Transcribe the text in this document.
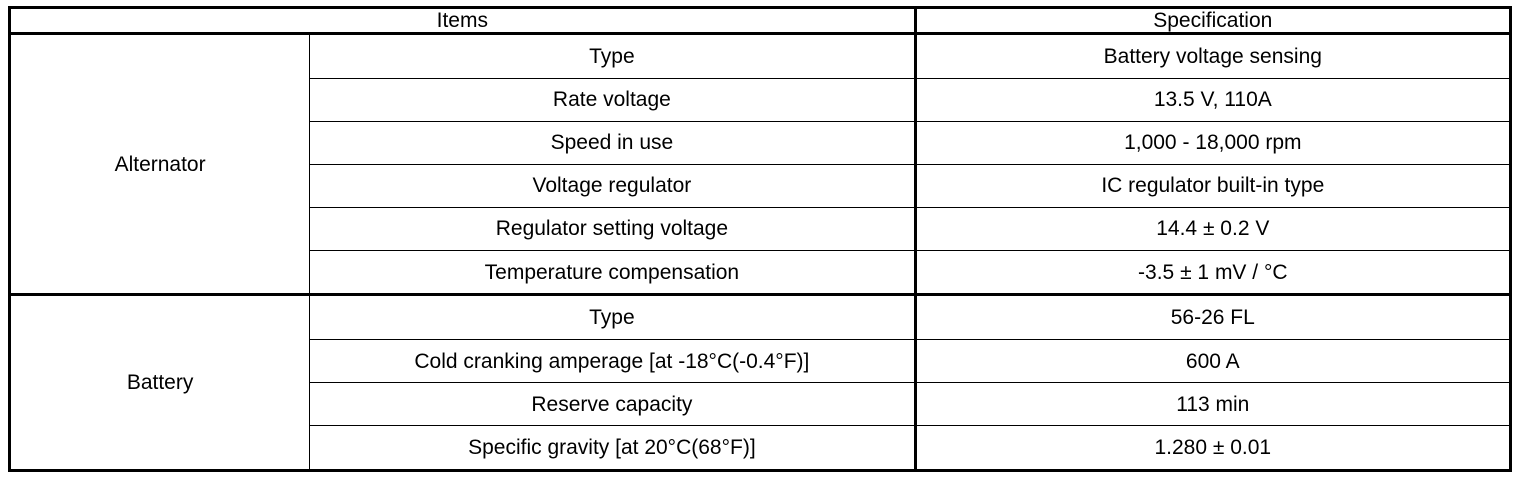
Items		Specification
Alternator	Type	Battery voltage sensing
	Rate voltage	13.5 V, 110A
	Speed in use	1,000 - 18,000 rpm
	Voltage regulator	IC regulator built-in type
	Regulator setting voltage	14.4 ± 0.2 V
	Temperature compensation	-3.5 ± 1 mV / °C
Battery	Type	56-26 FL
	Cold cranking amperage [at -18°C(-0.4°F)]	600 A
	Reserve capacity	113 min
	Specific gravity [at 20°C(68°F)]	1.280 ± 0.01
